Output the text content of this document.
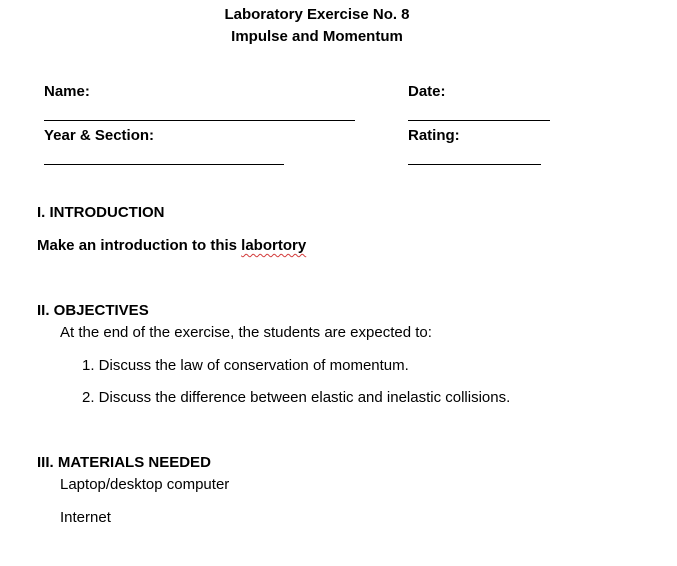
Laboratory Exercise No. 8
Impulse and Momentum
Name:	Date:
Year & Section:	Rating:
I. INTRODUCTION
Make an introduction to this labortory
II. OBJECTIVES
At the end of the exercise, the students are expected to:
1. Discuss the law of conservation of momentum.
2. Discuss the difference between elastic and inelastic collisions.
III. MATERIALS NEEDED
Laptop/desktop computer
Internet
